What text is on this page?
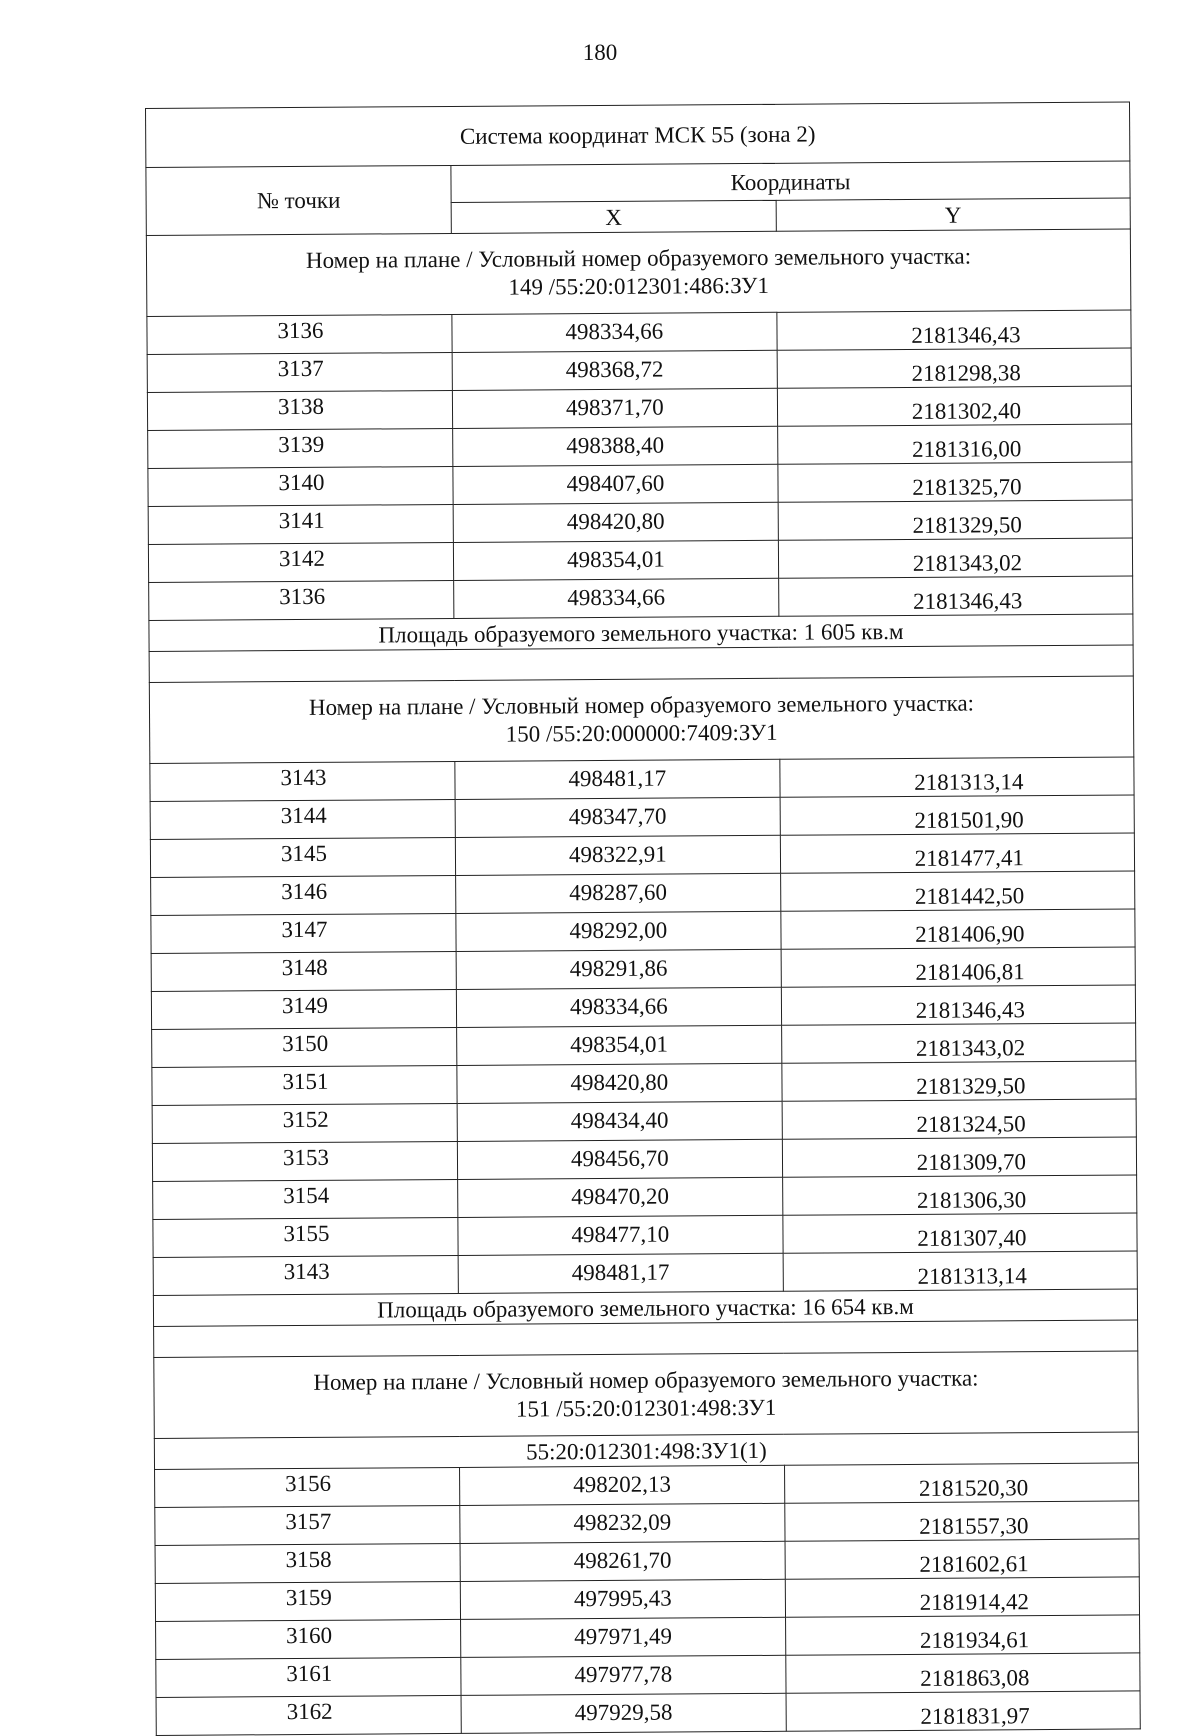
180
Система координат МСК 55 (зона 2)		
№ точки	Координаты	
	X	Y

Номер на плане / Условный номер образуемого земельного участка:
149 /55:20:012301:486:ЗУ1		

3136	498334,66	2181346,43
3137	498368,72	2181298,38
3138	498371,70	2181302,40
3139	498388,40	2181316,00
3140	498407,60	2181325,70
3141	498420,80	2181329,50
3142	498354,01	2181343,02
3136	498334,66	2181346,43
Площадь образуемого земельного участка: 1 605 кв.м		

Номер на плане / Условный номер образуемого земельного участка:
150 /55:20:000000:7409:ЗУ1		

3143	498481,17	2181313,14
3144	498347,70	2181501,90
3145	498322,91	2181477,41
3146	498287,60	2181442,50
3147	498292,00	2181406,90
3148	498291,86	2181406,81
3149	498334,66	2181346,43
3150	498354,01	2181343,02
3151	498420,80	2181329,50
3152	498434,40	2181324,50
3153	498456,70	2181309,70
3154	498470,20	2181306,30
3155	498477,10	2181307,40
3143	498481,17	2181313,14
Площадь образуемого земельного участка: 16 654 кв.м		

Номер на плане / Условный номер образуемого земельного участка:
151 /55:20:012301:498:ЗУ1		

55:20:012301:498:ЗУ1(1)		
3156	498202,13	2181520,30
3157	498232,09	2181557,30
3158	498261,70	2181602,61
3159	497995,43	2181914,42
3160	497971,49	2181934,61
3161	497977,78	2181863,08
3162	497929,58	2181831,97
